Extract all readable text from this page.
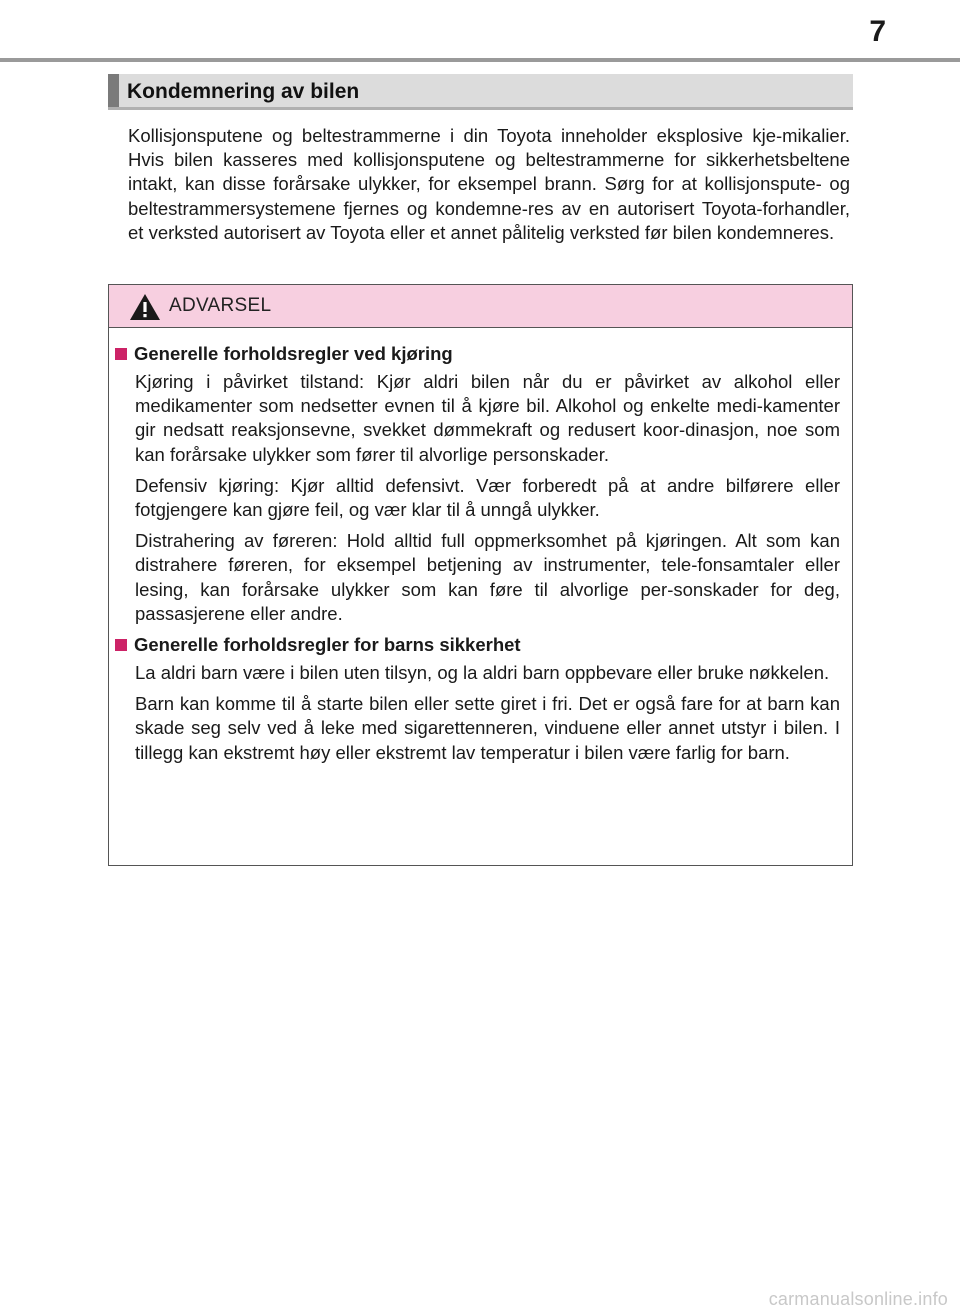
7
Kondemnering av bilen

Kollisjonsputene og beltestrammerne i din Toyota inneholder eksplosive kje-mikalier. Hvis bilen kasseres med kollisjonsputene og beltestrammerne for sikkerhetsbeltene intakt, kan disse forårsake ulykker, for eksempel brann. Sørg for at kollisjonspute- og beltestrammersystemene fjernes og kondemne-res av en autorisert Toyota-forhandler, et verksted autorisert av Toyota eller et annet pålitelig verksted før bilen kondemneres.

ADVARSEL

Generelle forholdsregler ved kjøring

Kjøring i påvirket tilstand: Kjør aldri bilen når du er påvirket av alkohol eller medikamenter som nedsetter evnen til å kjøre bil. Alkohol og enkelte medi-kamenter gir nedsatt reaksjonsevne, svekket dømmekraft og redusert koor-dinasjon, noe som kan forårsake ulykker som fører til alvorlige personskader.

Defensiv kjøring: Kjør alltid defensivt. Vær forberedt på at andre bilførere eller fotgjengere kan gjøre feil, og vær klar til å unngå ulykker.

Distrahering av føreren: Hold alltid full oppmerksomhet på kjøringen. Alt som kan distrahere føreren, for eksempel betjening av instrumenter, tele-fonsamtaler eller lesing, kan forårsake ulykker som kan føre til alvorlige per-sonskader for deg, passasjerene eller andre.

Generelle forholdsregler for barns sikkerhet

La aldri barn være i bilen uten tilsyn, og la aldri barn oppbevare eller bruke nøkkelen.

Barn kan komme til å starte bilen eller sette giret i fri. Det er også fare for at barn kan skade seg selv ved å leke med sigarettenneren, vinduene eller annet utstyr i bilen. I tillegg kan ekstremt høy eller ekstremt lav temperatur i bilen være farlig for barn.

carmanualsonline.info
